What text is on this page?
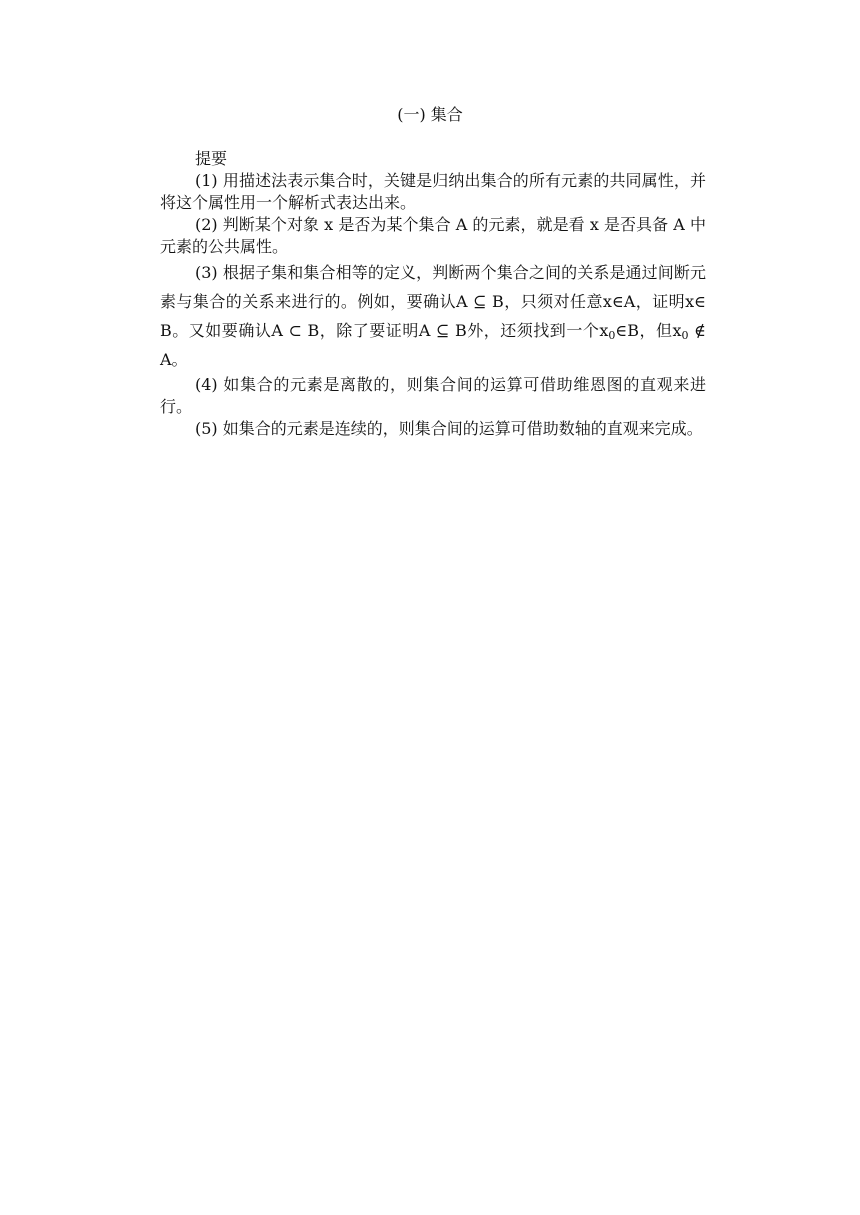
(一) 集合

提要

(1) 用描述法表示集合时，关键是归纳出集合的所有元素的共同属性，并将这个属性用一个解析式表达出来。

(2) 判断某个对象 x 是否为某个集合 A 的元素，就是看 x 是否具备 A 中元素的公共属性。

(3) 根据子集和集合相等的定义，判断两个集合之间的关系是通过间断元素与集合的关系来进行的。例如，要确认A ⊆ B，只须对任意x∈A，证明x∈B。又如要确认A ⊂ B，除了要证明A ⊆ B外，还须找到一个$x_0\in B$，但$x_0$ ∉ A。

(4) 如集合的元素是离散的，则集合间的运算可借助维恩图的直观来进行。

(5) 如集合的元素是连续的，则集合间的运算可借助数轴的直观来完成。
